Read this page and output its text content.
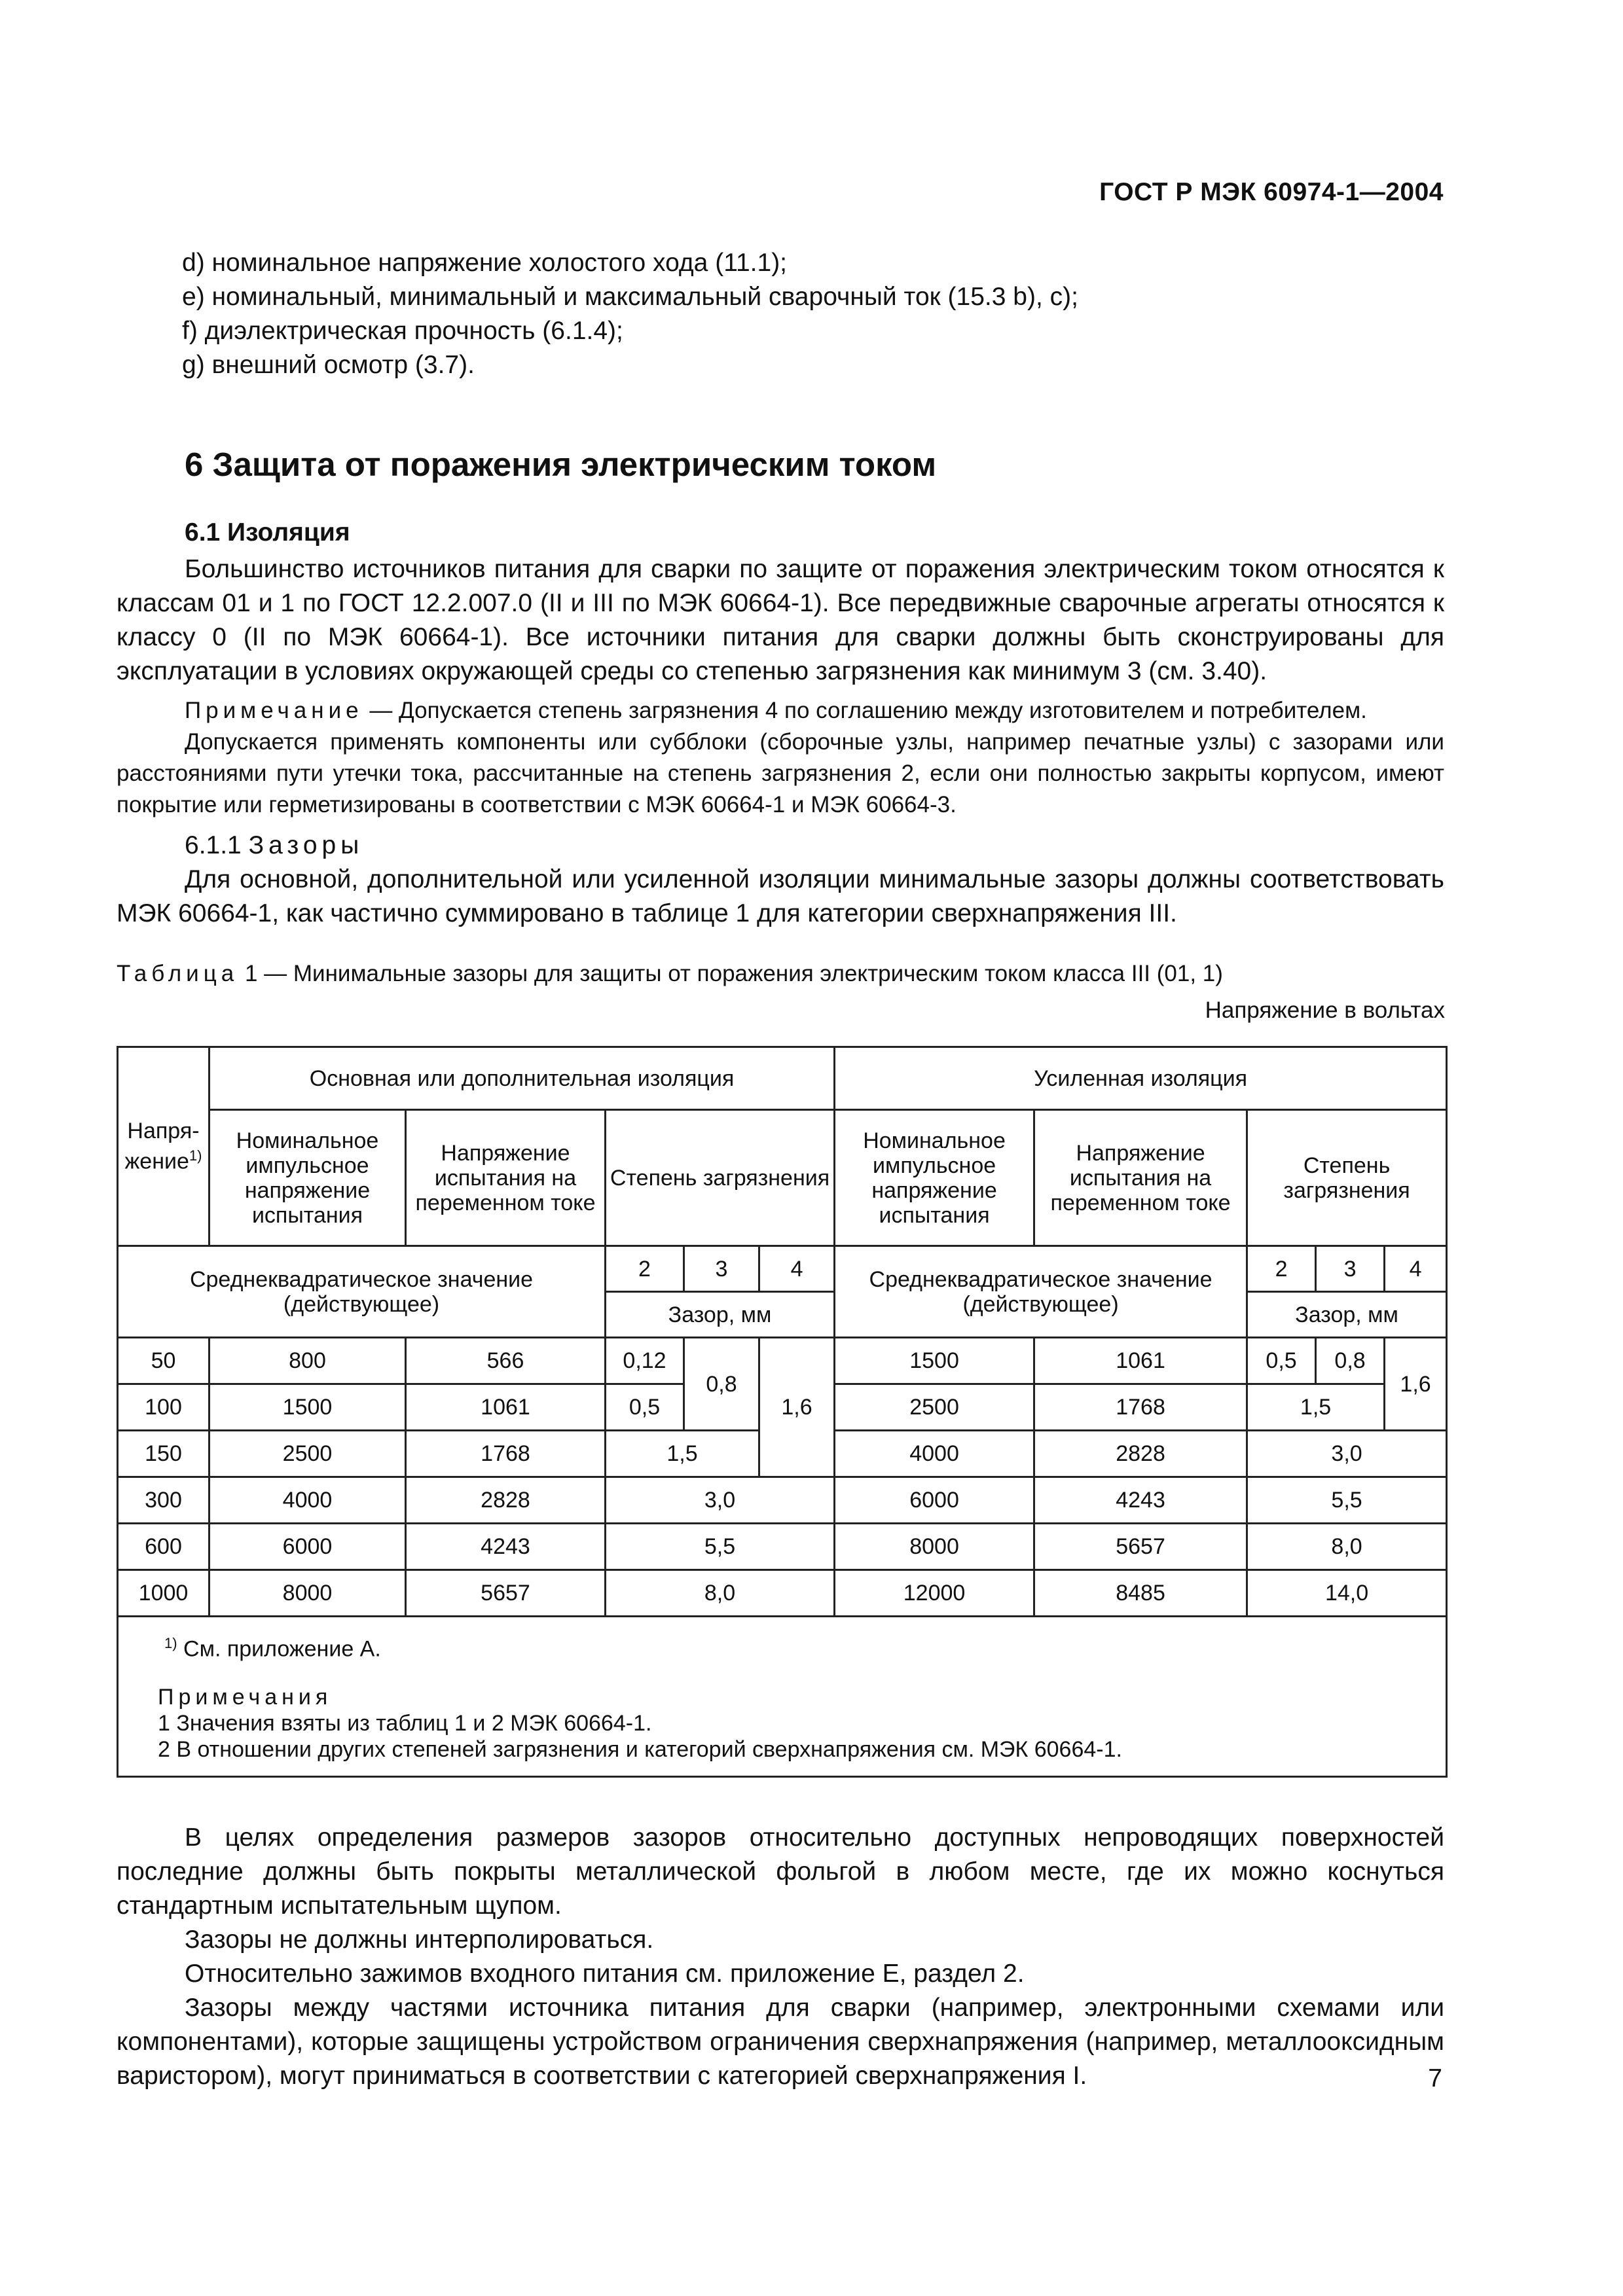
ГОСТ Р МЭК 60974-1—2004
d) номинальное напряжение холостого хода (11.1);
e) номинальный, минимальный и максимальный сварочный ток (15.3 b), c);
f) диэлектрическая прочность (6.1.4);
g) внешний осмотр (3.7).
6 Защита от поражения электрическим током
6.1 Изоляция

Большинство источников питания для сварки по защите от поражения электрическим током относятся к классам 01 и 1 по ГОСТ 12.2.007.0 (II и III по МЭК 60664-1). Все передвижные сварочные агрегаты относятся к классу 0 (II по МЭК 60664-1). Все источники питания для сварки должны быть сконструированы для эксплуатации в условиях окружающей среды со степенью загрязнения как минимум 3 (см. 3.40).

Примечание — Допускается степень загрязнения 4 по соглашению между изготовителем и потребителем.

Допускается применять компоненты или субблоки (сборочные узлы, например печатные узлы) с зазорами или расстояниями пути утечки тока, рассчитанные на степень загрязнения 2, если они полностью закрыты корпусом, имеют покрытие или герметизированы в соответствии с МЭК 60664-1 и МЭК 60664-3.

6.1.1 Зазоры

Для основной, дополнительной или усиленной изоляции минимальные зазоры должны соответствовать МЭК 60664-1, как частично суммировано в таблице 1 для категории сверхнапряжения III.

Таблица 1 — Минимальные зазоры для защиты от поражения электрическим током класса III (01, 1)
Напряжение в вольтах
Напря-жение$^{1)}$	Основная или дополнительная изоляция					Усиленная изоляция				
	Номинальное импульсное напряжение испытания	Напряжение испытания на переменном токе	Степень загрязнения			Номинальное импульсное напряжение испытания	Напряжение испытания на переменном токе	Степень загрязнения		
Среднеквадратическое значение (действующее)			2	3	4	Среднеквадратическое значение (действующее)		2	3	4
			Зазор, мм					Зазор, мм		
50	800	566	0,12	0,8	1,6	1500	1061	0,5	0,8	1,6
100	1500	1061	0,5			2500	1768	1,5		
150	2500	1768	1,5			4000	2828	3,0		
300	4000	2828	3,0			6000	4243	5,5		
600	6000	4243	5,5			8000	5657	8,0		
1000	8000	5657	8,0			12000	8485	14,0		

$^{1)}$ См. приложение А.
Примечания
1 Значения взяты из таблиц 1 и 2 МЭК 60664-1.
2 В отношении других степеней загрязнения и категорий сверхнапряжения см. МЭК 60664-1.										

В целях определения размеров зазоров относительно доступных непроводящих поверхностей последние должны быть покрыты металлической фольгой в любом месте, где их можно коснуться стандартным испытательным щупом.

Зазоры не должны интерполироваться.

Относительно зажимов входного питания см. приложение Е, раздел 2.

Зазоры между частями источника питания для сварки (например, электронными схемами или компонентами), которые защищены устройством ограничения сверхнапряжения (например, металлооксидным варистором), могут приниматься в соответствии с категорией сверхнапряжения I.	7
